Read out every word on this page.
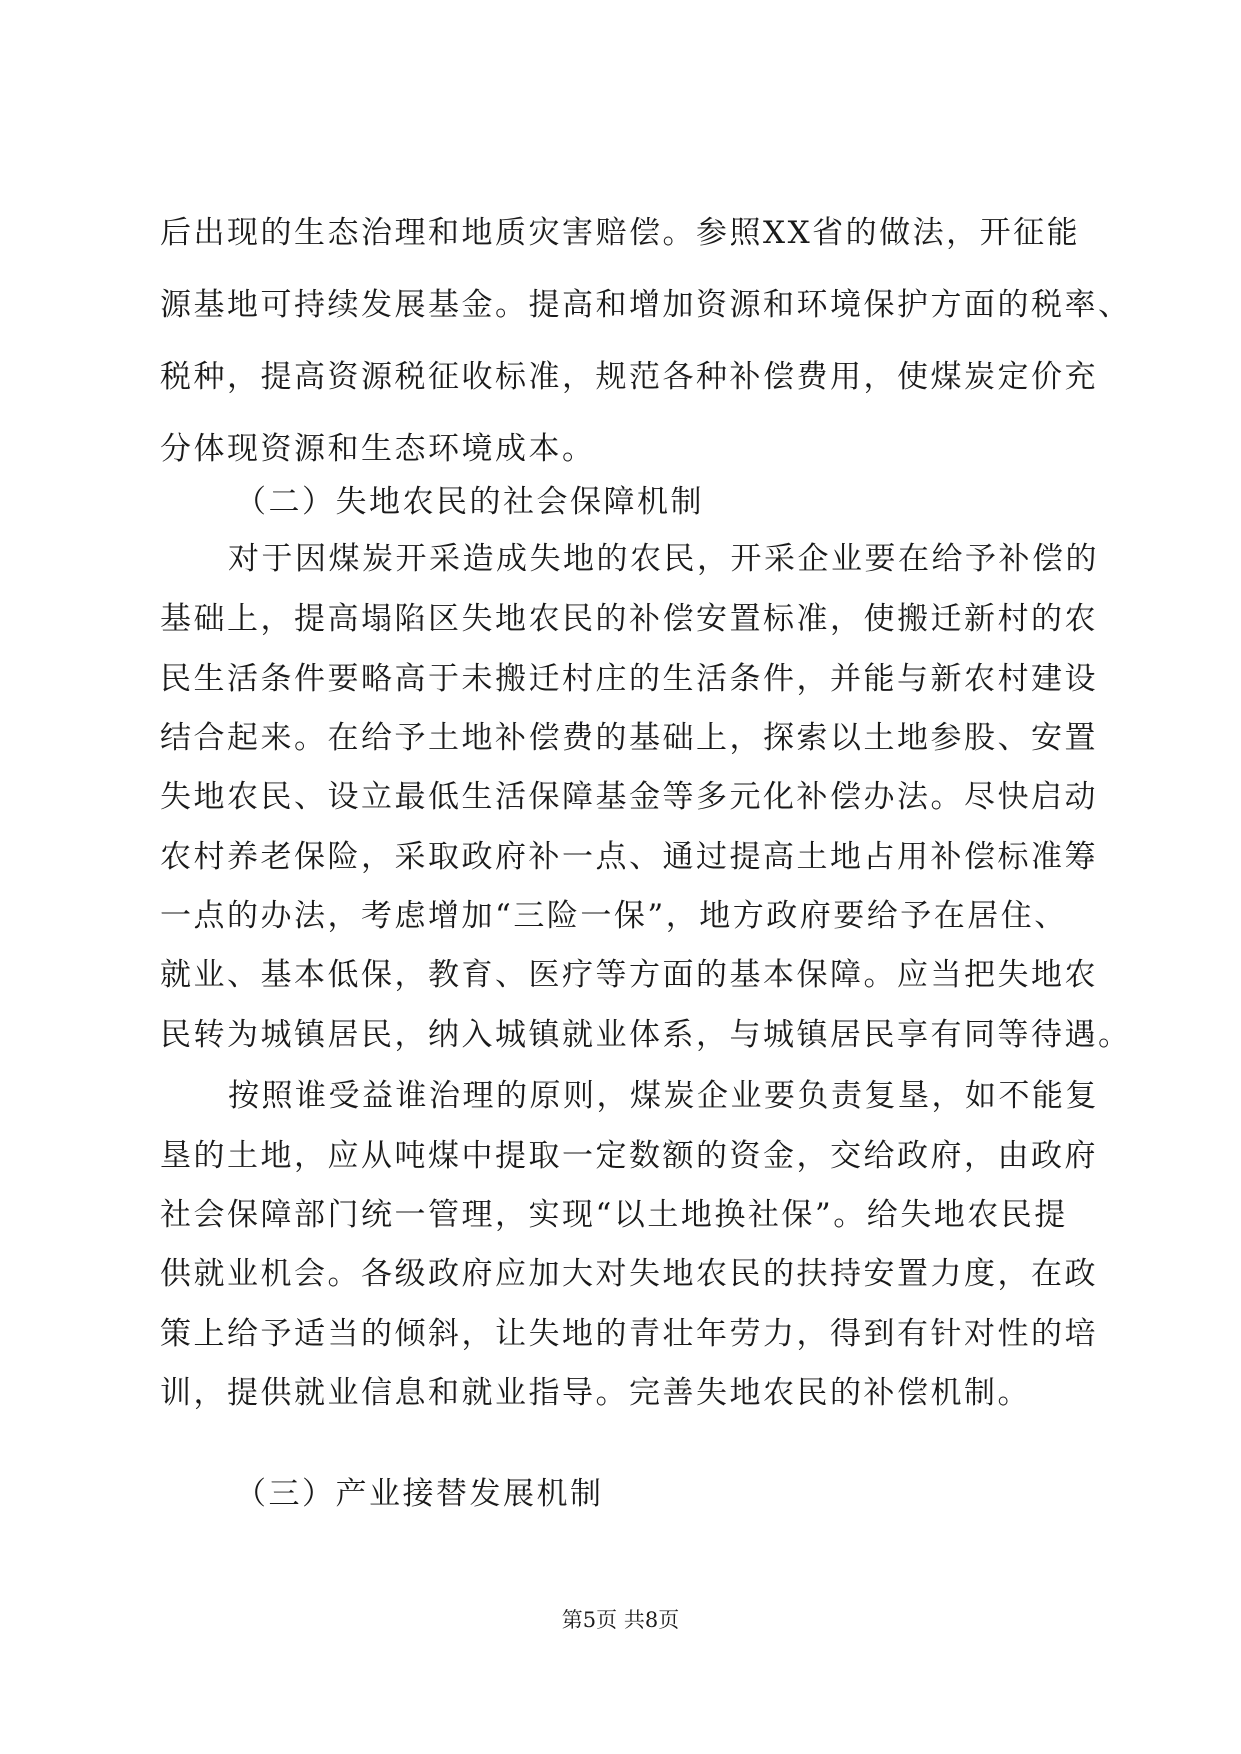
后出现的生态治理和地质灾害赔偿。参照XX省的做法，开征能
源基地可持续发展基金。提高和增加资源和环境保护方面的税率、
税种，提高资源税征收标准，规范各种补偿费用，使煤炭定价充
分体现资源和生态环境成本。
（二）失地农民的社会保障机制
对于因煤炭开采造成失地的农民，开采企业要在给予补偿的
基础上，提高塌陷区失地农民的补偿安置标准，使搬迁新村的农
民生活条件要略高于未搬迁村庄的生活条件，并能与新农村建设
结合起来。在给予土地补偿费的基础上，探索以土地参股、安置
失地农民、设立最低生活保障基金等多元化补偿办法。尽快启动
农村养老保险，采取政府补一点、通过提高土地占用补偿标准筹
一点的办法，考虑增加“三险一保”，地方政府要给予在居住、
就业、基本低保，教育、医疗等方面的基本保障。应当把失地农
民转为城镇居民，纳入城镇就业体系，与城镇居民享有同等待遇。
按照谁受益谁治理的原则，煤炭企业要负责复垦，如不能复
垦的土地，应从吨煤中提取一定数额的资金，交给政府，由政府
社会保障部门统一管理，实现“以土地换社保”。给失地农民提
供就业机会。各级政府应加大对失地农民的扶持安置力度，在政
策上给予适当的倾斜，让失地的青壮年劳力，得到有针对性的培
训，提供就业信息和就业指导。完善失地农民的补偿机制。
（三）产业接替发展机制
第5页 共8页
